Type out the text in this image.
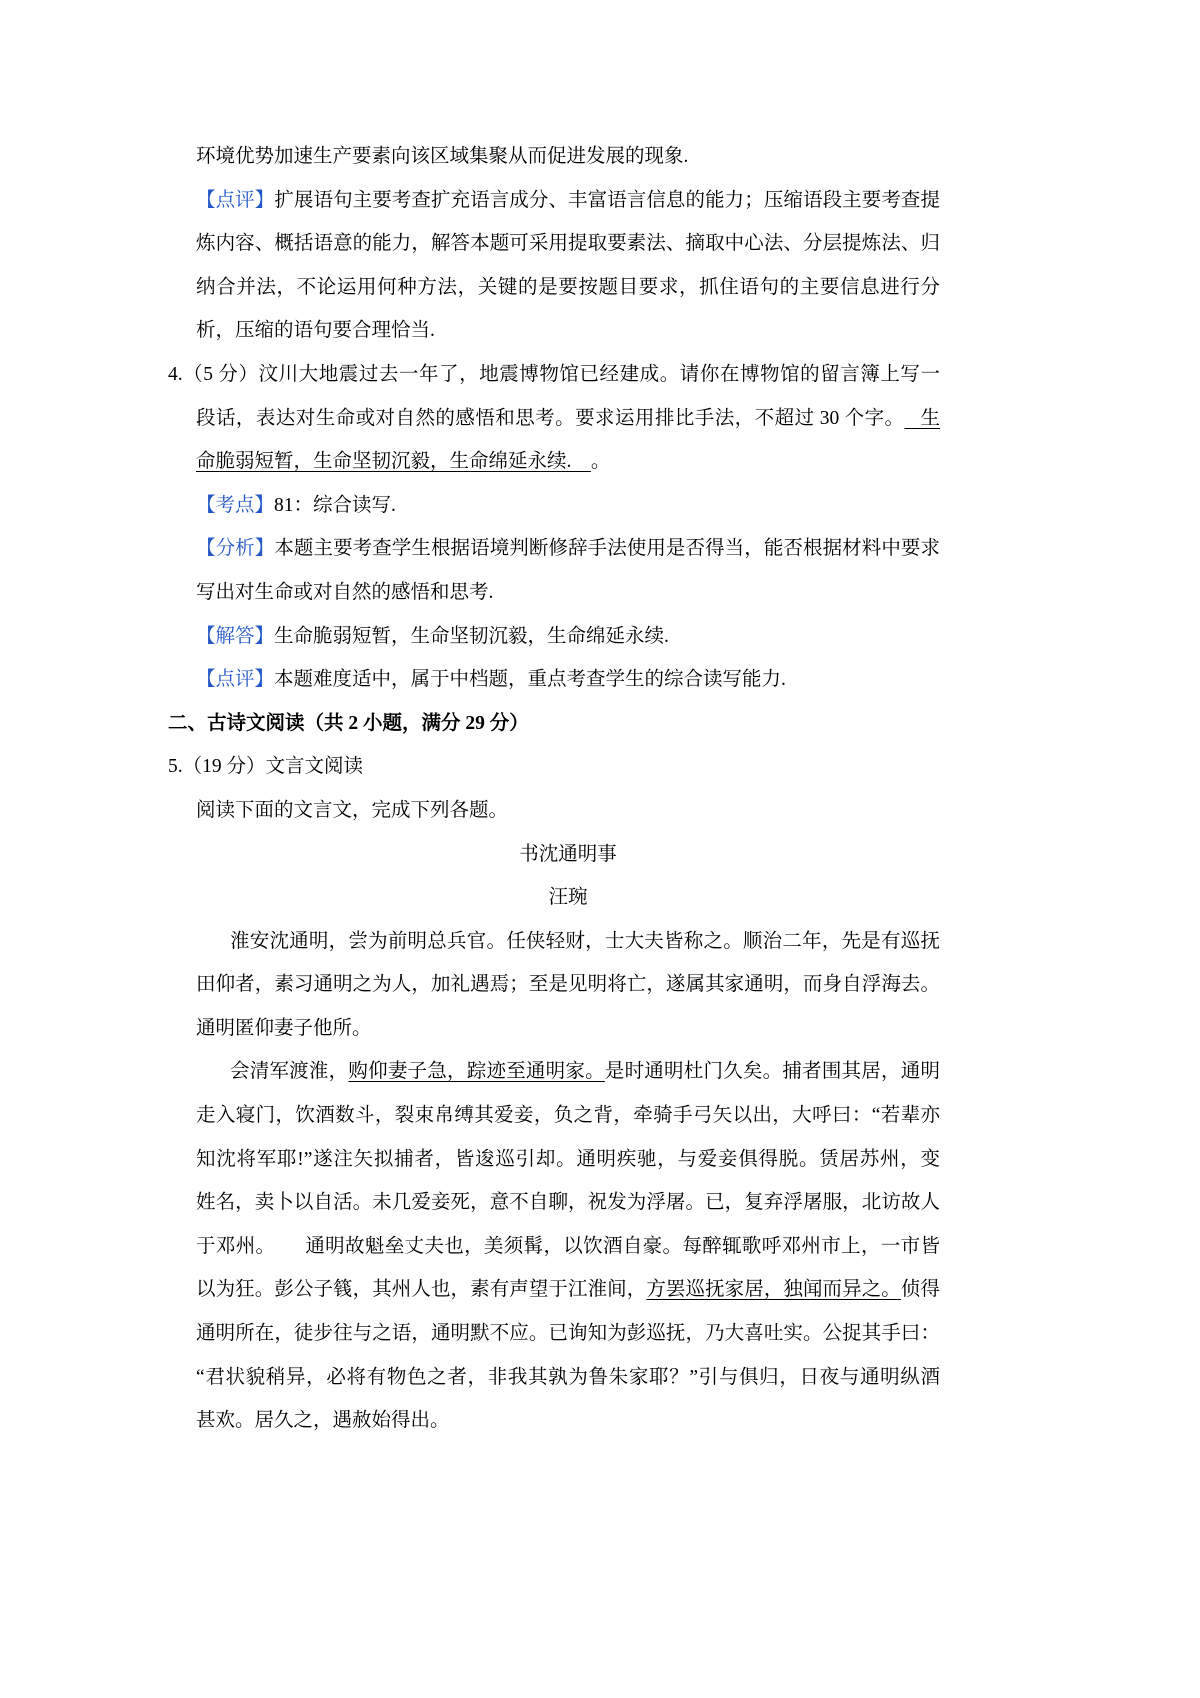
环境优势加速生产要素向该区域集聚从而促进发展的现象.
【点评】扩展语句主要考查扩充语言成分、丰富语言信息的能力；压缩语段主要考查提
炼内容、概括语意的能力，解答本题可采用提取要素法、摘取中心法、分层提炼法、归
纳合并法，不论运用何种方法，关键的是要按题目要求，抓住语句的主要信息进行分
析，压缩的语句要合理恰当.
4.（5 分）汶川大地震过去一年了，地震博物馆已经建成。请你在博物馆的留言簿上写一
段话，表达对生命或对自然的感悟和思考。要求运用排比手法，不超过 30 个字。   生
命脆弱短暂，生命坚韧沉毅，生命绵延永续.    。
【考点】81：综合读写.
【分析】本题主要考查学生根据语境判断修辞手法使用是否得当，能否根据材料中要求
写出对生命或对自然的感悟和思考.
【解答】生命脆弱短暂，生命坚韧沉毅，生命绵延永续.
【点评】本题难度适中，属于中档题，重点考查学生的综合读写能力.
二、古诗文阅读（共 2 小题，满分 29 分）
5.（19 分）文言文阅读
阅读下面的文言文，完成下列各题。
书沈通明事
汪琬
淮安沈通明，尝为前明总兵官。任侠轻财，士大夫皆称之。顺治二年，先是有巡抚
田仰者，素习通明之为人，加礼遇焉；至是见明将亡，遂属其家通明，而身自浮海去。
通明匿仰妻子他所。
会清军渡淮，购仰妻子急，踪迹至通明家。是时通明杜门久矣。捕者围其居，通明
走入寝门，饮酒数斗，裂束帛缚其爱妾，负之背，牵骑手弓矢以出，大呼曰：“若辈亦
知沈将军耶!”遂注矢拟捕者，皆逡巡引却。通明疾驰，与爱妾俱得脱。赁居苏州，变
姓名，卖卜以自活。未几爱妾死，意不自聊，祝发为浮屠。已，复弃浮屠服，北访故人
于邓州。　　通明故魁垒丈夫也，美须髯，以饮酒自豪。每醉辄歌呼邓州市上，一市皆
以为狂。彭公子篯，其州人也，素有声望于江淮间，方罢巡抚家居，独闻而异之。侦得
通明所在，徒步往与之语，通明默不应。已询知为彭巡抚，乃大喜吐实。公捉其手曰：
“君状貌稍异，必将有物色之者，非我其孰为鲁朱家耶？”引与俱归，日夜与通明纵酒
甚欢。居久之，遇赦始得出。
